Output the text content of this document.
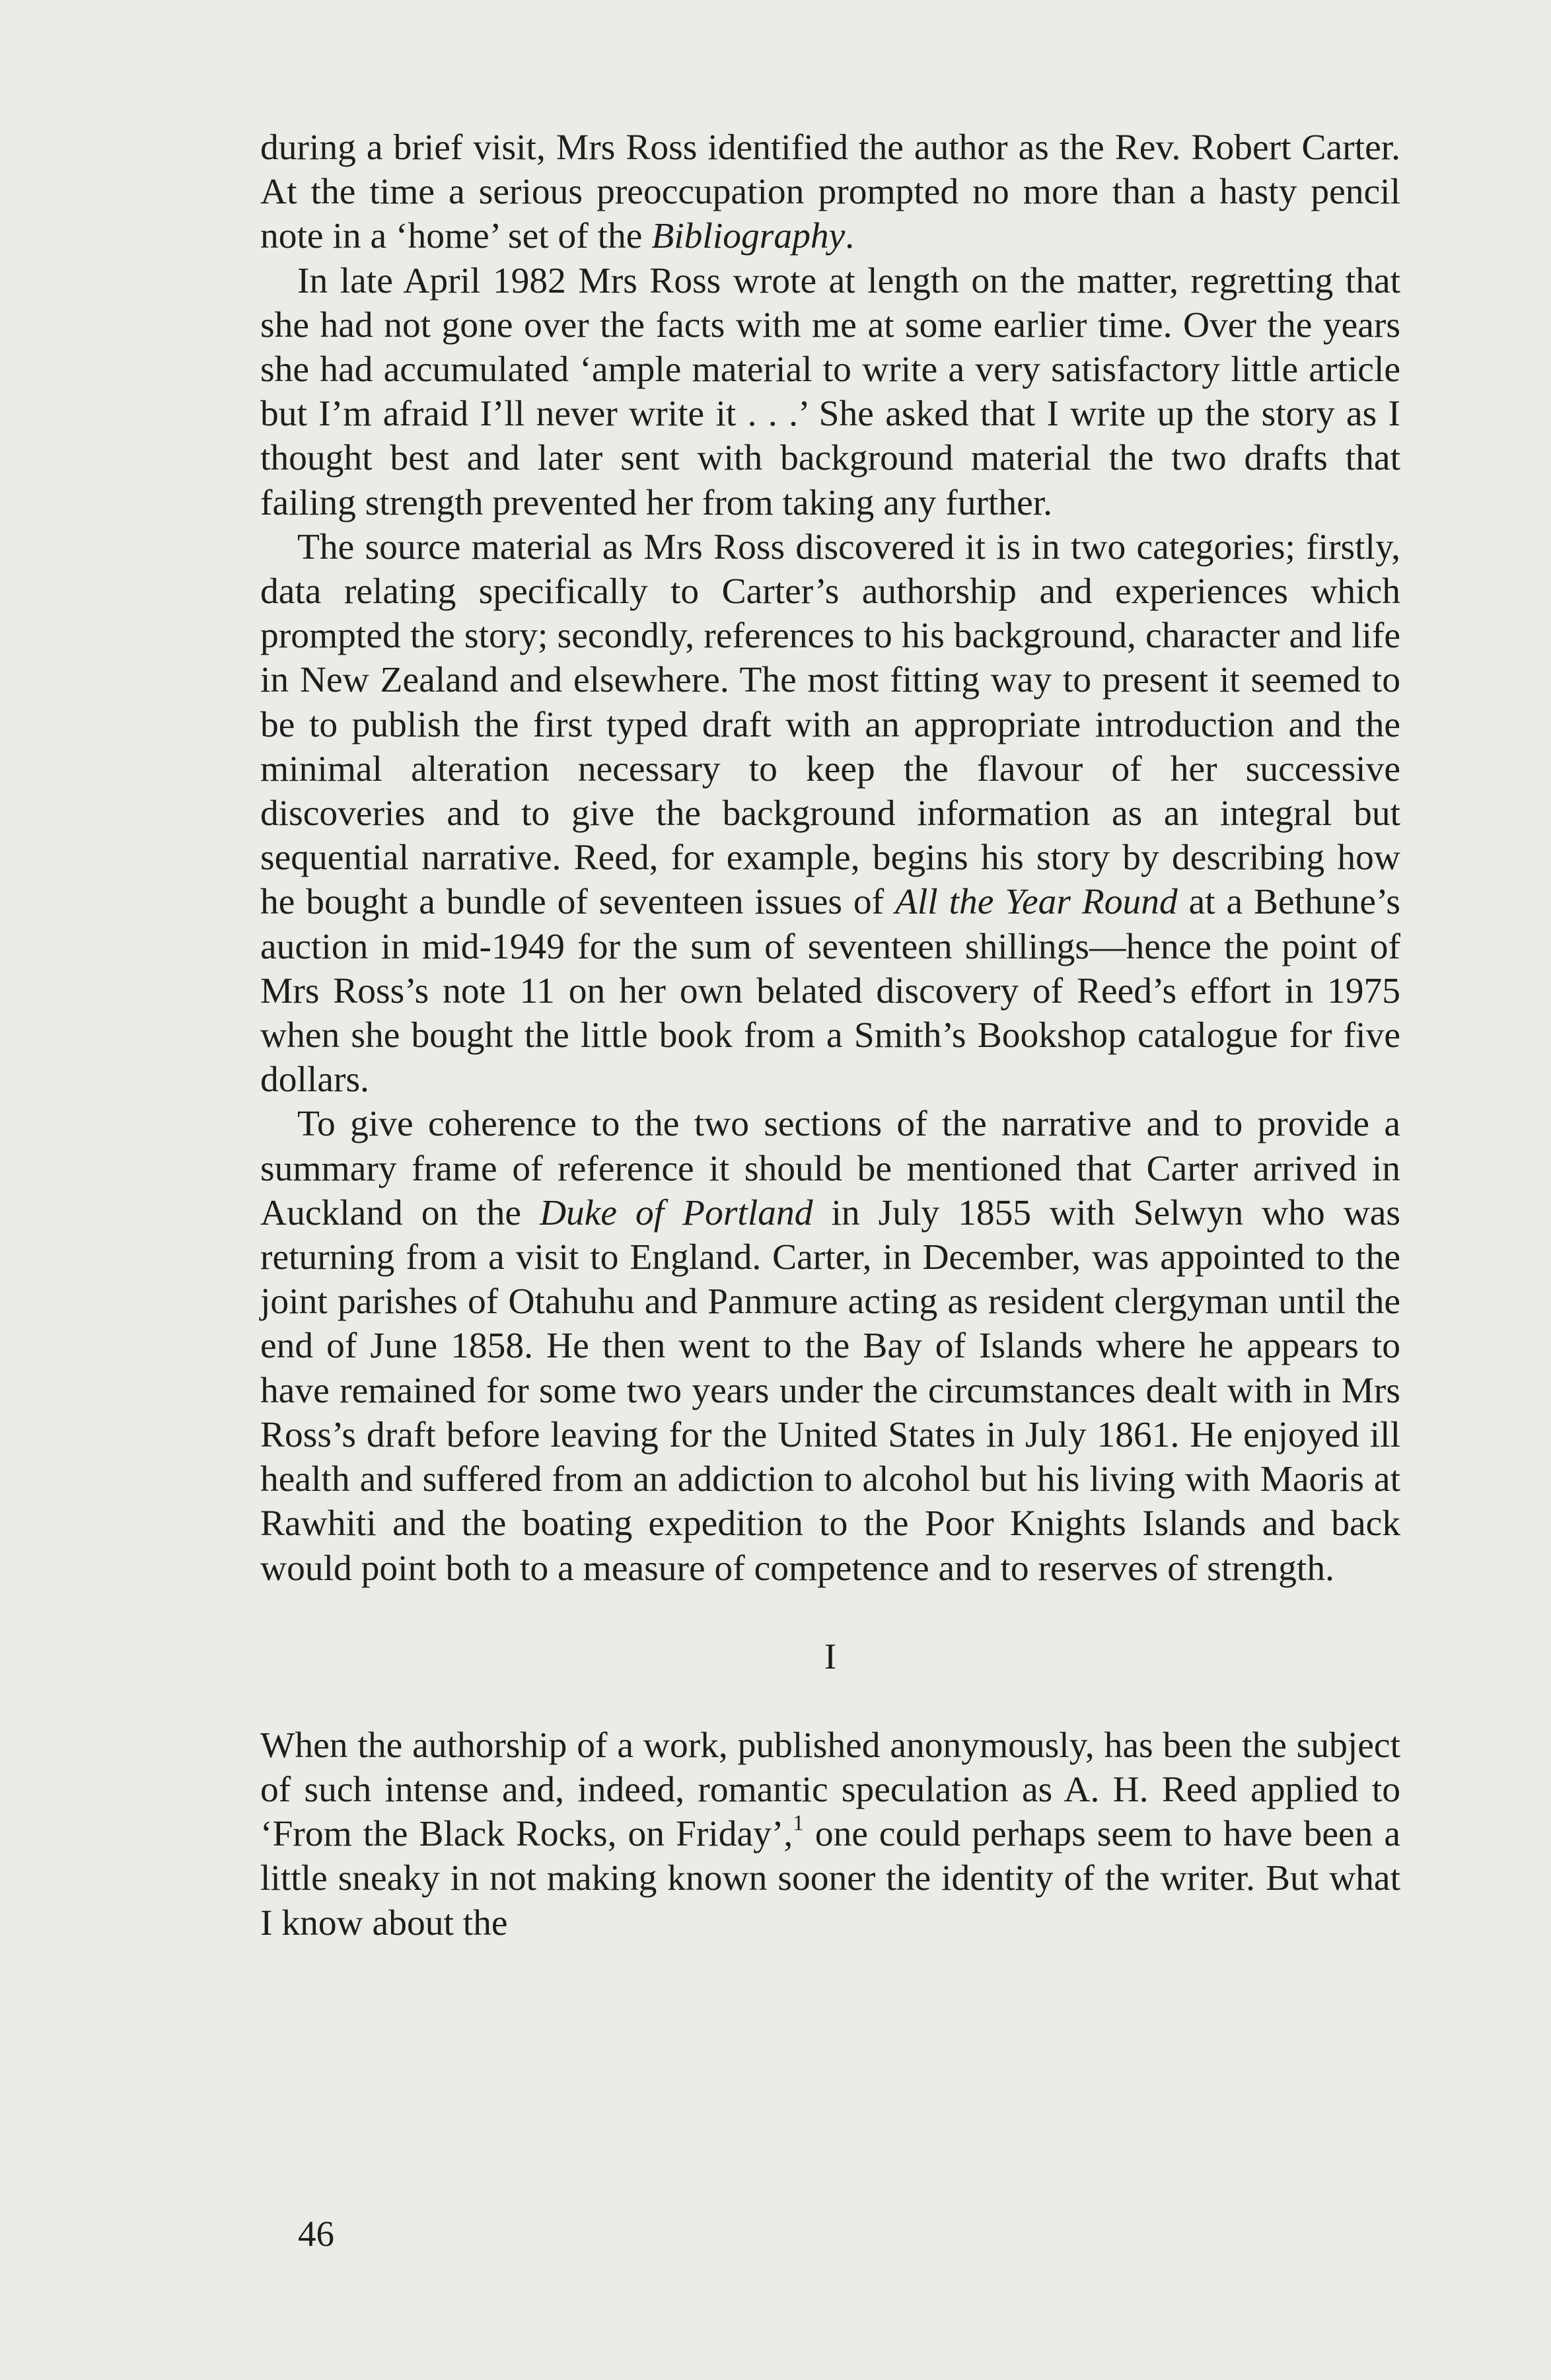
during a brief visit, Mrs Ross identified the author as the Rev. Robert Carter. At the time a serious preoccupation prompted no more than a hasty pencil note in a ‘home’ set of the Bibliography.

In late April 1982 Mrs Ross wrote at length on the matter, regretting that she had not gone over the facts with me at some earlier time. Over the years she had accumulated ‘ample material to write a very satisfactory little article but I’m afraid I’ll never write it . . .’ She asked that I write up the story as I thought best and later sent with background material the two drafts that failing strength prevented her from taking any further.

The source material as Mrs Ross discovered it is in two categories; firstly, data relating specifically to Carter’s authorship and experiences which prompted the story; secondly, references to his background, character and life in New Zealand and elsewhere. The most fitting way to present it seemed to be to publish the first typed draft with an appropriate introduction and the minimal alteration necessary to keep the flavour of her successive discoveries and to give the background information as an integral but sequential narrative. Reed, for example, begins his story by describing how he bought a bundle of seventeen issues of All the Year Round at a Bethune’s auction in mid-1949 for the sum of seventeen shillings—hence the point of Mrs Ross’s note 11 on her own belated discovery of Reed’s effort in 1975 when she bought the little book from a Smith’s Bookshop catalogue for five dollars.

To give coherence to the two sections of the narrative and to provide a summary frame of reference it should be mentioned that Carter arrived in Auckland on the Duke of Portland in July 1855 with Selwyn who was returning from a visit to England. Carter, in December, was appointed to the joint parishes of Otahuhu and Panmure acting as resident clergyman until the end of June 1858. He then went to the Bay of Islands where he appears to have remained for some two years under the circumstances dealt with in Mrs Ross’s draft before leaving for the United States in July 1861. He enjoyed ill health and suffered from an addiction to alcohol but his living with Maoris at Rawhiti and the boating expedition to the Poor Knights Islands and back would point both to a measure of competence and to reserves of strength.

I

When the authorship of a work, published anonymously, has been the subject of such intense and, indeed, romantic speculation as A. H. Reed applied to ‘From the Black Rocks, on Friday’,$^1$ one could perhaps seem to have been a little sneaky in not making known sooner the identity of the writer. But what I know about the

46
